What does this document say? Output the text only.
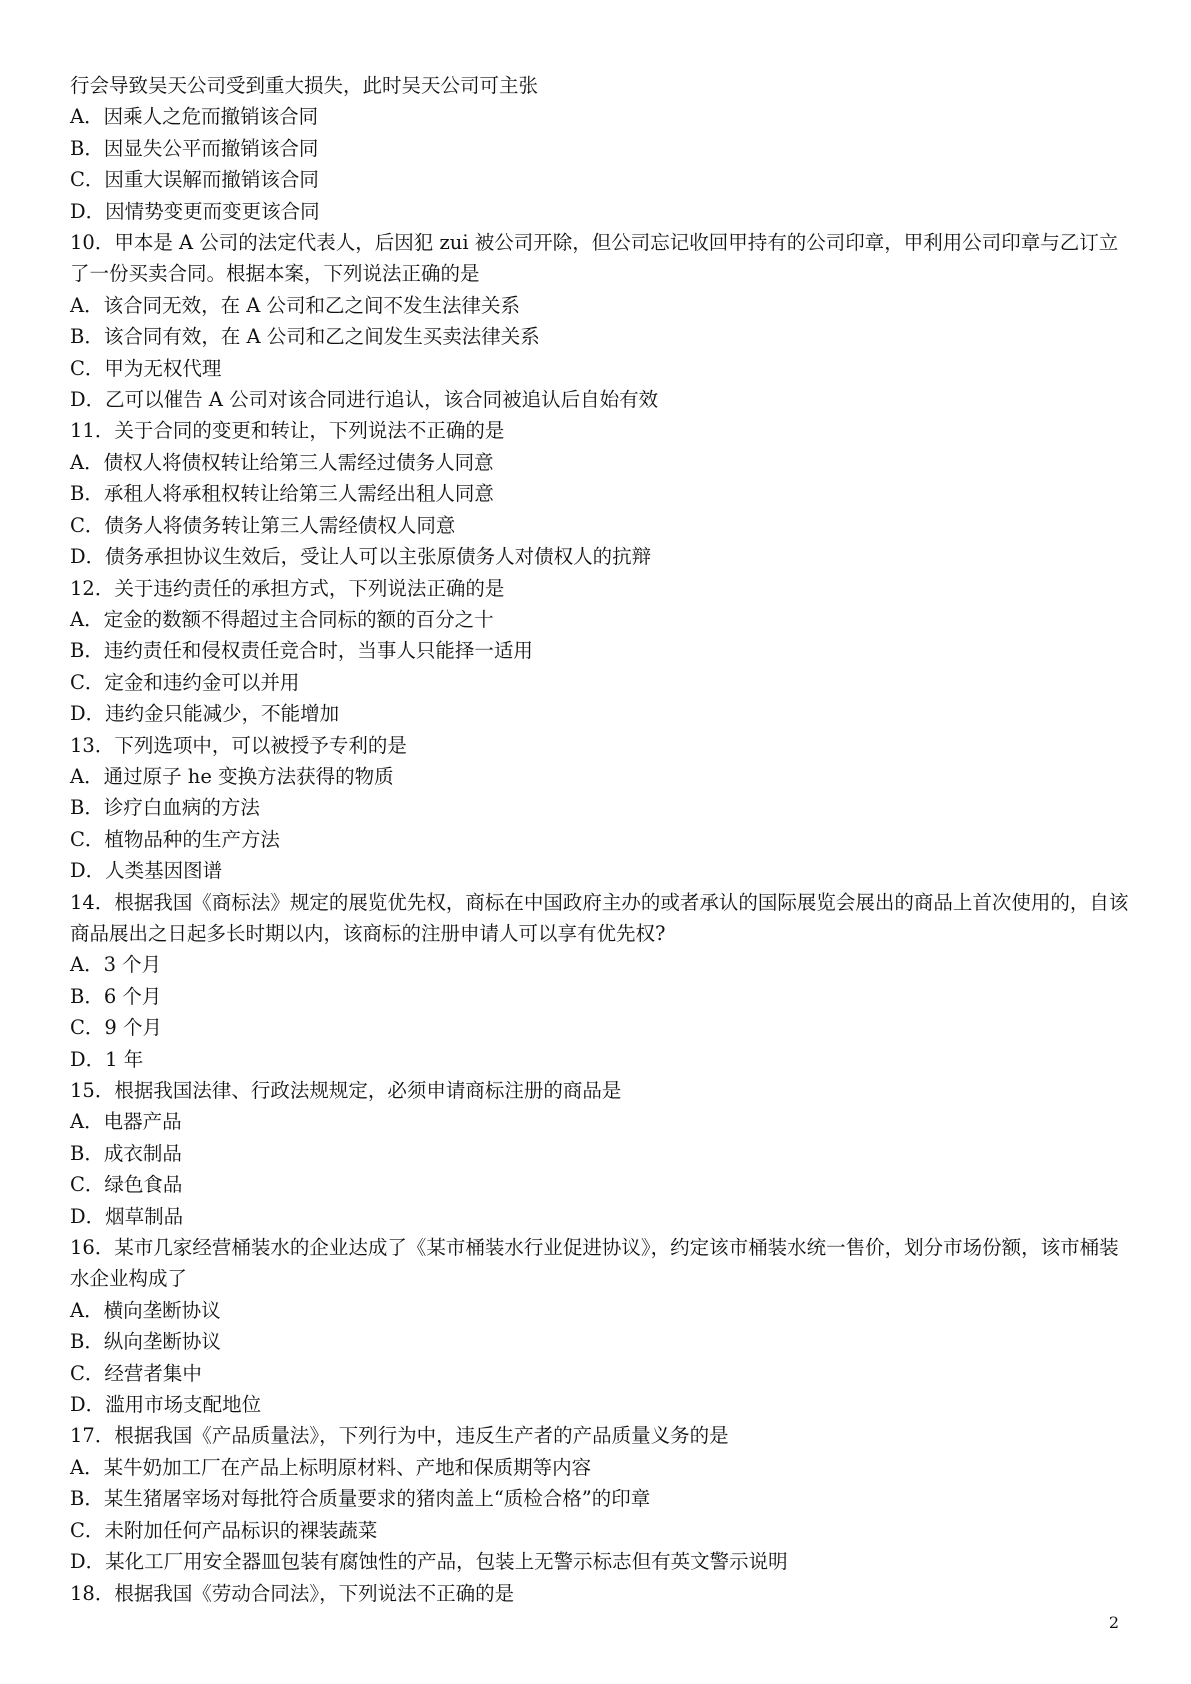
行会导致吴天公司受到重大损失，此时吴天公司可主张

A．因乘人之危而撤销该合同

B．因显失公平而撤销该合同

C．因重大误解而撤销该合同

D．因情势变更而变更该合同

10．甲本是 A 公司的法定代表人，后因犯 zui 被公司开除，但公司忘记收回甲持有的公司印章，甲利用公司印章与乙订立了一份买卖合同。根据本案，下列说法正确的是

A．该合同无效，在 A 公司和乙之间不发生法律关系

B．该合同有效，在 A 公司和乙之间发生买卖法律关系

C．甲为无权代理

D．乙可以催告 A 公司对该合同进行追认，该合同被追认后自始有效

11．关于合同的变更和转让，下列说法不正确的是

A．债权人将债权转让给第三人需经过债务人同意

B．承租人将承租权转让给第三人需经出租人同意

C．债务人将债务转让第三人需经债权人同意

D．债务承担协议生效后，受让人可以主张原债务人对债权人的抗辩

12．关于违约责任的承担方式，下列说法正确的是

A．定金的数额不得超过主合同标的额的百分之十

B．违约责任和侵权责任竞合时，当事人只能择一适用

C．定金和违约金可以并用

D．违约金只能减少，不能增加

13．下列选项中，可以被授予专利的是

A．通过原子 he 变换方法获得的物质

B．诊疗白血病的方法

C．植物品种的生产方法

D．人类基因图谱

14．根据我国《商标法》规定的展览优先权，商标在中国政府主办的或者承认的国际展览会展出的商品上首次使用的，自该商品展出之日起多长时期以内，该商标的注册申请人可以享有优先权?

A．3 个月

B．6 个月

C．9 个月

D．1 年

15．根据我国法律、行政法规规定，必须申请商标注册的商品是

A．电器产品

B．成衣制品

C．绿色食品

D．烟草制品

16．某市几家经营桶装水的企业达成了《某市桶装水行业促进协议》，约定该市桶装水统一售价，划分市场份额，该市桶装水企业构成了

A．横向垄断协议

B．纵向垄断协议

C．经营者集中

D．滥用市场支配地位

17．根据我国《产品质量法》，下列行为中，违反生产者的产品质量义务的是

A．某牛奶加工厂在产品上标明原材料、产地和保质期等内容

B．某生猪屠宰场对每批符合质量要求的猪肉盖上“质检合格”的印章

C．未附加任何产品标识的裸装蔬菜

D．某化工厂用安全器皿包装有腐蚀性的产品，包装上无警示标志但有英文警示说明

18．根据我国《劳动合同法》，下列说法不正确的是

2
